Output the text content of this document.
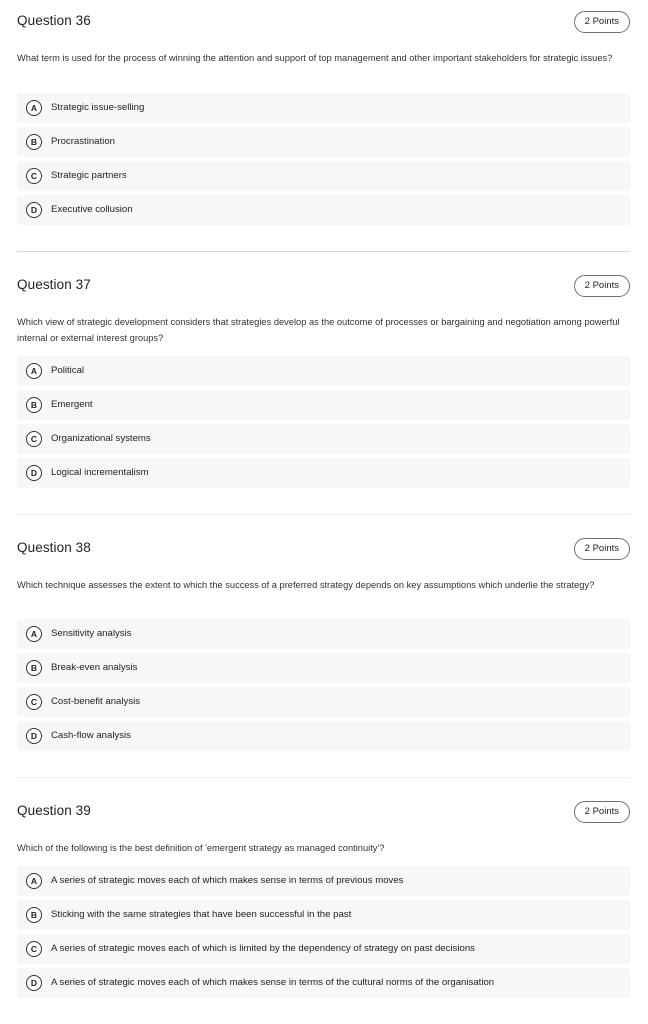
Question 36	2 Points
What term is used for the process of winning the attention and support of top management and other important stakeholders for strategic issues?
A	Strategic issue-selling
B	Procrastination
C	Strategic partners
D	Executive collusion
Question 37	2 Points
Which view of strategic development considers that strategies develop as the outcome of processes or bargaining and negotiation among powerful internal or external interest groups?
A	Political
B	Emergent
C	Organizational systems
D	Logical incrementalism
Question 38	2 Points
Which technique assesses the extent to which the success of a preferred strategy depends on key assumptions which underlie the strategy?
A	Sensitivity analysis
B	Break-even analysis
C	Cost-benefit analysis
D	Cash-flow analysis
Question 39	2 Points
Which of the following is the best definition of 'emergent strategy as managed continuity'?
A	A series of strategic moves each of which makes sense in terms of previous moves
B	Sticking with the same strategies that have been successful in the past
C	A series of strategic moves each of which is limited by the dependency of strategy on past decisions
D	A series of strategic moves each of which makes sense in terms of the cultural norms of the organisation
